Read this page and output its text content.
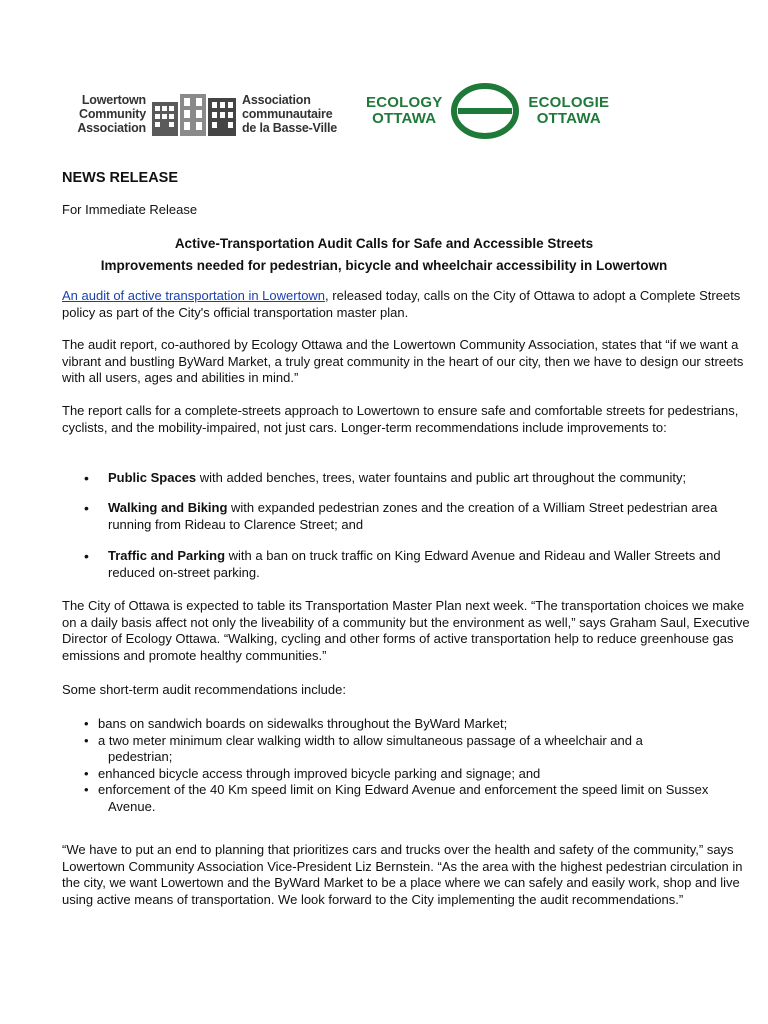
Lowertown
Community
Association
Association
communautaire
de la Basse-Ville
ECOLOGY
OTTAWA
ECOLOGIE
OTTAWA
NEWS RELEASE
For Immediate Release
Active-Transportation Audit Calls for Safe and Accessible Streets
Improvements needed for pedestrian, bicycle and wheelchair accessibility in Lowertown
An audit of active transportation in Lowertown, released today, calls on the City of Ottawa to adopt a Complete Streets policy as part of the City's official transportation master plan.
The audit report, co-authored by Ecology Ottawa and the Lowertown Community Association, states that “if we want a vibrant and bustling ByWard Market, a truly great community in the heart of our city, then we have to design our streets with all users, ages and abilities in mind.”
The report calls for a complete-streets approach to Lowertown to ensure safe and comfortable streets for pedestrians, cyclists, and the mobility-impaired, not just cars. Longer-term recommendations include improvements to:
• Public Spaces with added benches, trees, water fountains and public art throughout the community;
• Walking and Biking with expanded pedestrian zones and the creation of a William Street pedestrian area running from Rideau to Clarence Street; and
• Traffic and Parking with a ban on truck traffic on King Edward Avenue and Rideau and Waller Streets and reduced on-street parking.
The City of Ottawa is expected to table its Transportation Master Plan next week. “The transportation choices we make on a daily basis affect not only the liveability of a community but the environment as well,” says Graham Saul, Executive Director of Ecology Ottawa. “Walking, cycling and other forms of active transportation help to reduce greenhouse gas emissions and promote healthy communities.”
Some short-term audit recommendations include:
• bans on sandwich boards on sidewalks throughout the ByWard Market;
• a two meter minimum clear walking width to allow simultaneous passage of a wheelchair and a
pedestrian;
• enhanced bicycle access through improved bicycle parking and signage; and
• enforcement of the 40 Km speed limit on King Edward Avenue and enforcement the speed limit on Sussex
Avenue.
“We have to put an end to planning that prioritizes cars and trucks over the health and safety of the community,” says Lowertown Community Association Vice-President Liz Bernstein. “As the area with the highest pedestrian circulation in the city, we want Lowertown and the ByWard Market to be a place where we can safely and easily work, shop and live using active means of transportation. We look forward to the City implementing the audit recommendations.”
